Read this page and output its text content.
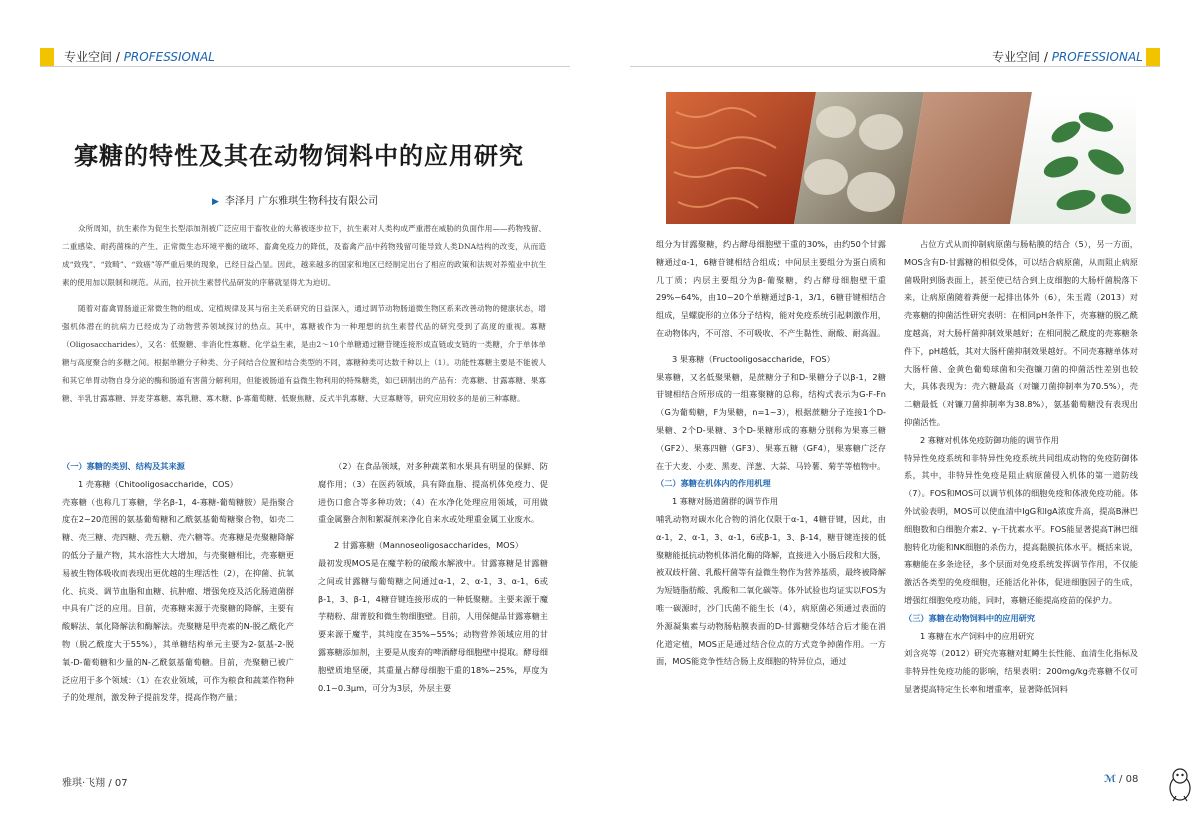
专业空间 / PROFESSIONAL	专业空间 / PROFESSIONAL
寡糖的特性及其在动物饲料中的应用研究
▶ 李泽月 广东雅琪生物科技有限公司

众所周知，抗生素作为促生长型添加剂被广泛应用于畜牧业的大幕被逐步拉下，抗生素对人类构成严重潜在威胁的负面作用——药物残留、二重感染、耐药菌株的产生、正常微生态环境平衡的破坏、畜禽免疫力的降低，及畜禽产品中药物残留可能导致人类DNA结构的改变，从而造成“致残”、“致畸”、“致癌”等严重后果的现象，已经日益凸显。因此，越来越多的国家和地区已经制定出台了相应的政策和法规对养殖业中抗生素的使用加以限制和规范。从而，拉开抗生素替代品研发的序幕就显得尤为迫切。

随着对畜禽胃肠道正常微生物的组成、定植规律及其与宿主关系研究的日益深入，通过调节动物肠道微生物区系来改善动物的健康状态，增强机体潜在的抗病力已经成为了动物营养领域探讨的热点。其中，寡糖被作为一种理想的抗生素替代品的研究受到了高度的重视。寡糖（Oligosaccharides），又名：低聚糖、非消化性寡糖、化学益生素，是由2～10个单糖通过糖苷键连接形成直链或支链的一类糖，介于单体单糖与高度聚合的多糖之间。根据单糖分子种类、分子间结合位置和结合类型的不同，寡糖种类可达数千种以上（1）。功能性寡糖主要是不能被人和其它单胃动物自身分泌的酶和肠道有害菌分解利用，但能被肠道有益微生物利用的特殊糖类，如已研制出的产品有：壳寡糖、甘露寡糖、果寡糖、半乳甘露寡糖、异麦芽寡糖、寡乳糖、寡木糖、β-寡葡萄糖、低聚焦糖、反式半乳寡糖、大豆寡糖等，研究应用较多的是前三种寡糖。

（一）寡糖的类别、结构及其来源

1 壳寡糖（Chitooligosaccharide，COS）

壳寡糖（也称几丁寡糖，学名β-1，4-寡糖-葡萄糖胺）是指聚合度在2~20范围的氨基葡萄糖和乙酰氨基葡萄糖聚合物，如壳二糖、壳三糖、壳四糖、壳五糖、壳六糖等。壳寡糖是壳聚糖降解的低分子量产物，其水溶性大大增加，与壳聚糖相比，壳寡糖更易被生物体吸收而表现出更优越的生理活性（2），在抑菌、抗氧化、抗炎、调节血脂和血糖、抗肿瘤、增强免疫及活化肠道菌群中具有广泛的应用。目前，壳寡糖来源于壳聚糖的降解，主要有酸解法、氧化降解法和酶解法。壳聚糖是甲壳素的N-脱乙酰化产物（脱乙酰度大于55%），其单糖结构单元主要为2-氨基-2-脱氧-D-葡萄糖和少量的N-乙酰氨基葡萄糖。目前，壳聚糖已被广泛应用于多个领域：（1）在农业领域，可作为粮食和蔬菜作物种子的处理剂，激发种子提前发芽，提高作物产量；

（2）在食品领域，对多种蔬菜和水果具有明显的保鲜、防腐作用；（3）在医药领域，具有降血脂、提高机体免疫力、促进伤口愈合等多种功效；（4）在水净化处理应用领域，可用做重金属螯合剂和絮凝剂来净化自来水或处理重金属工业废水。

2 甘露寡糖（Mannoseoligosaccharides，MOS）

最初发现MOS是在魔芋粉的破酸水解液中。甘露寡糖是甘露糖之间或甘露糖与葡萄糖之间通过α-1，2、α-1，3、α-1，6或β-1，3、β-1，4糖苷键连接形成的一种低聚糖。主要来源于魔芋精粉、甜菁胶和微生物细胞壁。目前，人用保健品甘露寡糖主要来源于魔芋，其纯度在35%~55%；动物营养领域应用的甘露寡糖添加剂，主要是从废弃的啤酒酵母细胞壁中提取。酵母细胞壁质地坚硬，其重量占酵母细胞干重的18%~25%，厚度为0.1~0.3μm，可分为3层，外层主要

组分为甘露聚糖，约占酵母细胞壁干重的30%，由约50个甘露糖通过α-1，6糖苷键相结合组成；中间层主要组分为蛋白质和几丁质；内层主要组分为β-葡聚糖，约占酵母细胞壁干重29%~64%，由10~20个单糖通过β-1，3/1，6糖苷键相结合组成，呈螺旋形的立体分子结构，能对免疫系统引起刺激作用，在动物体内，不可溶、不可吸收、不产生黏性、耐酸、耐高温。

3 果寡糖（Fructooligosaccharide，FOS）

果寡糖，又名低聚果糖，是蔗糖分子和D-果糖分子以β-1，2糖苷键相结合所形成的一组寡聚糖的总称，结构式表示为G-F-Fn（G为葡萄糖，F为果糖，n=1~3），根据蔗糖分子连接1个D-果糖、2个D-果糖、3个D-果糖形成的寡糖分别称为果寡三糖（GF2）、果寡四糖（GF3）、果寡五糖（GF4），果寡糖广泛存在于大麦、小麦、黑麦、洋葱、大蒜、马铃薯、菊芋等植物中。

（二）寡糖在机体内的作用机理

1 寡糖对肠道菌群的调节作用

哺乳动物对碳水化合物的消化仅限于α-1，4糖苷键，因此，由α-1，2、α-1，3、α-1，6或β-1，3、β-14，糖苷键连接的低聚糖能抵抗动物机体消化酶的降解，直接进入小肠后段和大肠，被双歧杆菌、乳酸杆菌等有益微生物作为营养基质，最终被降解为短链脂肪酸、乳酸和二氧化碳等。体外试验也均证实以FOS为唯一碳源时，沙门氏菌不能生长（4），病原菌必须通过表面的外源凝集素与动物肠粘膜表面的D-甘露糖受体结合后才能在消化道定植，MOS正是通过结合位点的方式竞争掉菌作用。一方面，MOS能竞争性结合肠上皮细胞的特异位点，通过

占位方式从而抑制病原菌与肠粘膜的结合（5），另一方面，MOS含有D-甘露糖的相似受体，可以结合病原菌，从而阻止病原菌吸附到肠表面上，甚至使已结合到上皮细胞的大肠杆菌脱落下来，让病原菌随着粪便一起排出体外（6），朱玉霞（2013）对壳寡糖的抑菌活性研究表明：在相同pH条件下，壳寡糖的脱乙酰度越高，对大肠杆菌抑制效果越好；在相同脱乙酰度的壳寡糖条件下，pH越低，其对大肠杆菌抑制效果越好。不同壳寡糖单体对大肠杆菌、金黄色葡萄球菌和尖孢镰刀菌的抑菌活性差别也较大，具体表现为：壳六糖最高（对镰刀菌抑制率为70.5%），壳二糖最低（对镰刀菌抑制率为38.8%），氨基葡萄糖没有表现出抑菌活性。

2 寡糖对机体免疫防御功能的调节作用

特异性免疫系统和非特异性免疫系统共同组成动物的免疫防御体系，其中，非特异性免疫是阻止病原菌侵入机体的第一道防线（7）。FOS和MOS可以调节机体的细胞免疫和体液免疫功能。体外试验表明，MOS可以使血清中IgG和IgA浓度升高，提高B淋巴细胞数和白细胞介素2、γ-干扰素水平。FOS能显著提高T淋巴细胞转化功能和NK细胞的杀伤力，提高黏膜抗体水平。概括来说，寡糖能在多条途径，多个层面对免疫系统发挥调节作用，不仅能激活各类型的免疫细胞，还能活化补体，促进细胞因子的生成，增强红细胞免疫功能，同时，寡糖还能提高疫苗的保护力。

（三）寡糖在动物饲料中的应用研究

1 寡糖在水产饲料中的应用研究

刘含亮等（2012）研究壳寡糖对虹鳟生长性能、血清生化指标及非特异性免疫功能的影响，结果表明：200mg/kg壳寡糖不仅可显著提高特定生长率和增重率，显著降低饲料

雅琪·飞翔 / 07	ℳ / 08
